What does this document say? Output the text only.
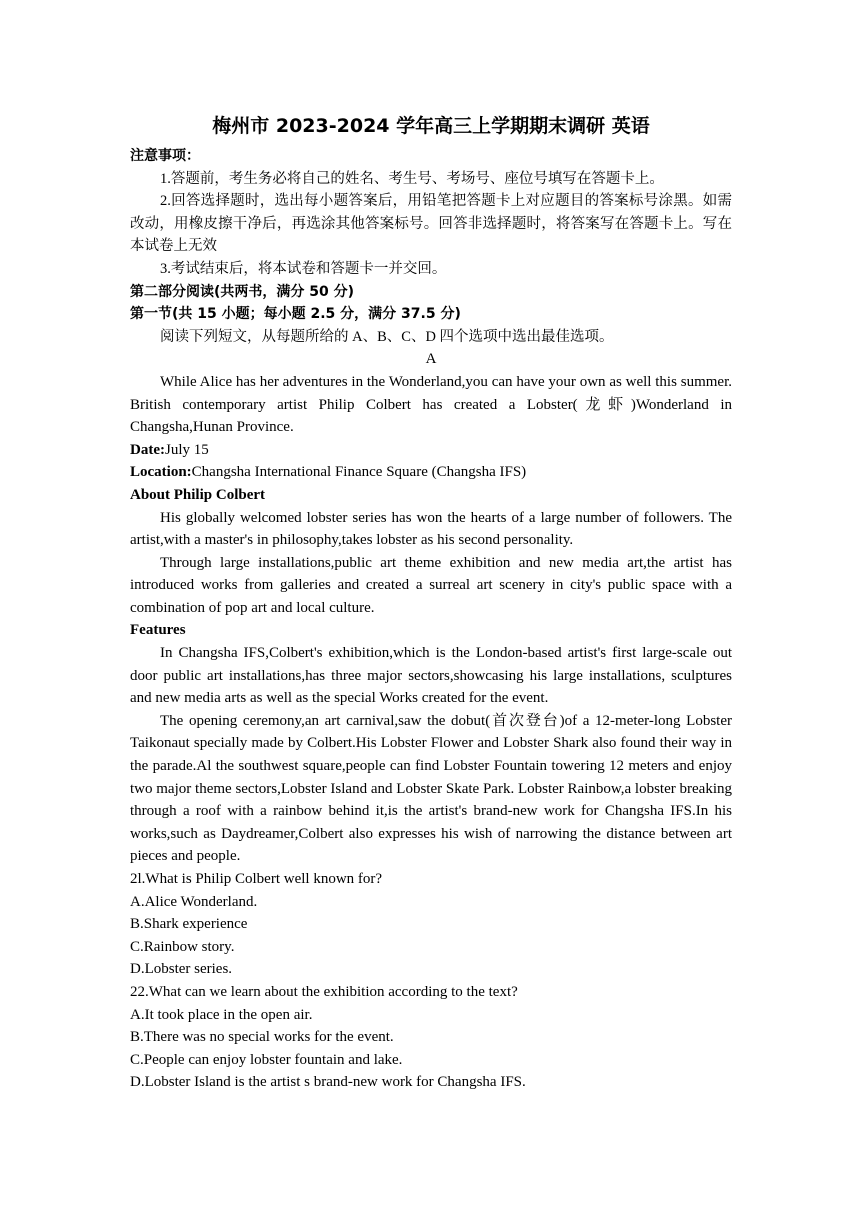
梅州市 2023-2024 学年高三上学期期末调研 英语
注意事项：
1.答题前，考生务必将自己的姓名、考生号、考场号、座位号填写在答题卡上。
2.回答选择题时，选出每小题答案后，用铅笔把答题卡上对应题目的答案标号涂黑。如需改动，用橡皮擦干净后，再选涂其他答案标号。回答非选择题时，将答案写在答题卡上。写在本试卷上无效
3.考试结束后，将本试卷和答题卡一并交回。
第二部分阅读(共两书，满分 50 分)
第一节(共 15 小题；每小题 2.5 分，满分 37.5 分)
阅读下列短文，从每题所给的 A、B、C、D 四个选项中选出最佳选项。
A
While Alice has her adventures in the Wonderland,you can have your own as well this summer. British contemporary artist Philip Colbert has created a Lobster(龙虾)Wonderland in Changsha,Hunan Province.
Date:July 15
Location:Changsha International Finance Square (Changsha IFS)
About Philip Colbert
His globally welcomed lobster series has won the hearts of a large number of followers. The artist,with a master's in philosophy,takes lobster as his second personality.
Through large installations,public art theme exhibition and new media art,the artist has introduced works from galleries and created a surreal art scenery in city's public space with a combination of pop art and local culture.
Features
In Changsha IFS,Colbert's exhibition,which is the London-based artist's first large-scale out door public art installations,has three major sectors,showcasing his large installations, sculptures and new media arts as well as the special Works created for the event.
The opening ceremony,an art carnival,saw the dobut(首次登台)of a 12-meter-long Lobster Taikonaut specially made by Colbert.His Lobster Flower and Lobster Shark also found their way in the parade.Al the southwest square,people can find Lobster Fountain towering 12 meters and enjoy two major theme sectors,Lobster Island and Lobster Skate Park. Lobster Rainbow,a lobster breaking through a roof with a rainbow behind it,is the artist's brand-new work for Changsha IFS.In his works,such as Daydreamer,Colbert also expresses his wish of narrowing the distance between art pieces and people.
2l.What is Philip Colbert well known for?
A.Alice Wonderland.
B.Shark experience
C.Rainbow story.
D.Lobster series.
22.What can we learn about the exhibition according to the text?
A.It took place in the open air.
B.There was no special works for the event.
C.People can enjoy lobster fountain and lake.
D.Lobster Island is the artist s brand-new work for Changsha IFS.
